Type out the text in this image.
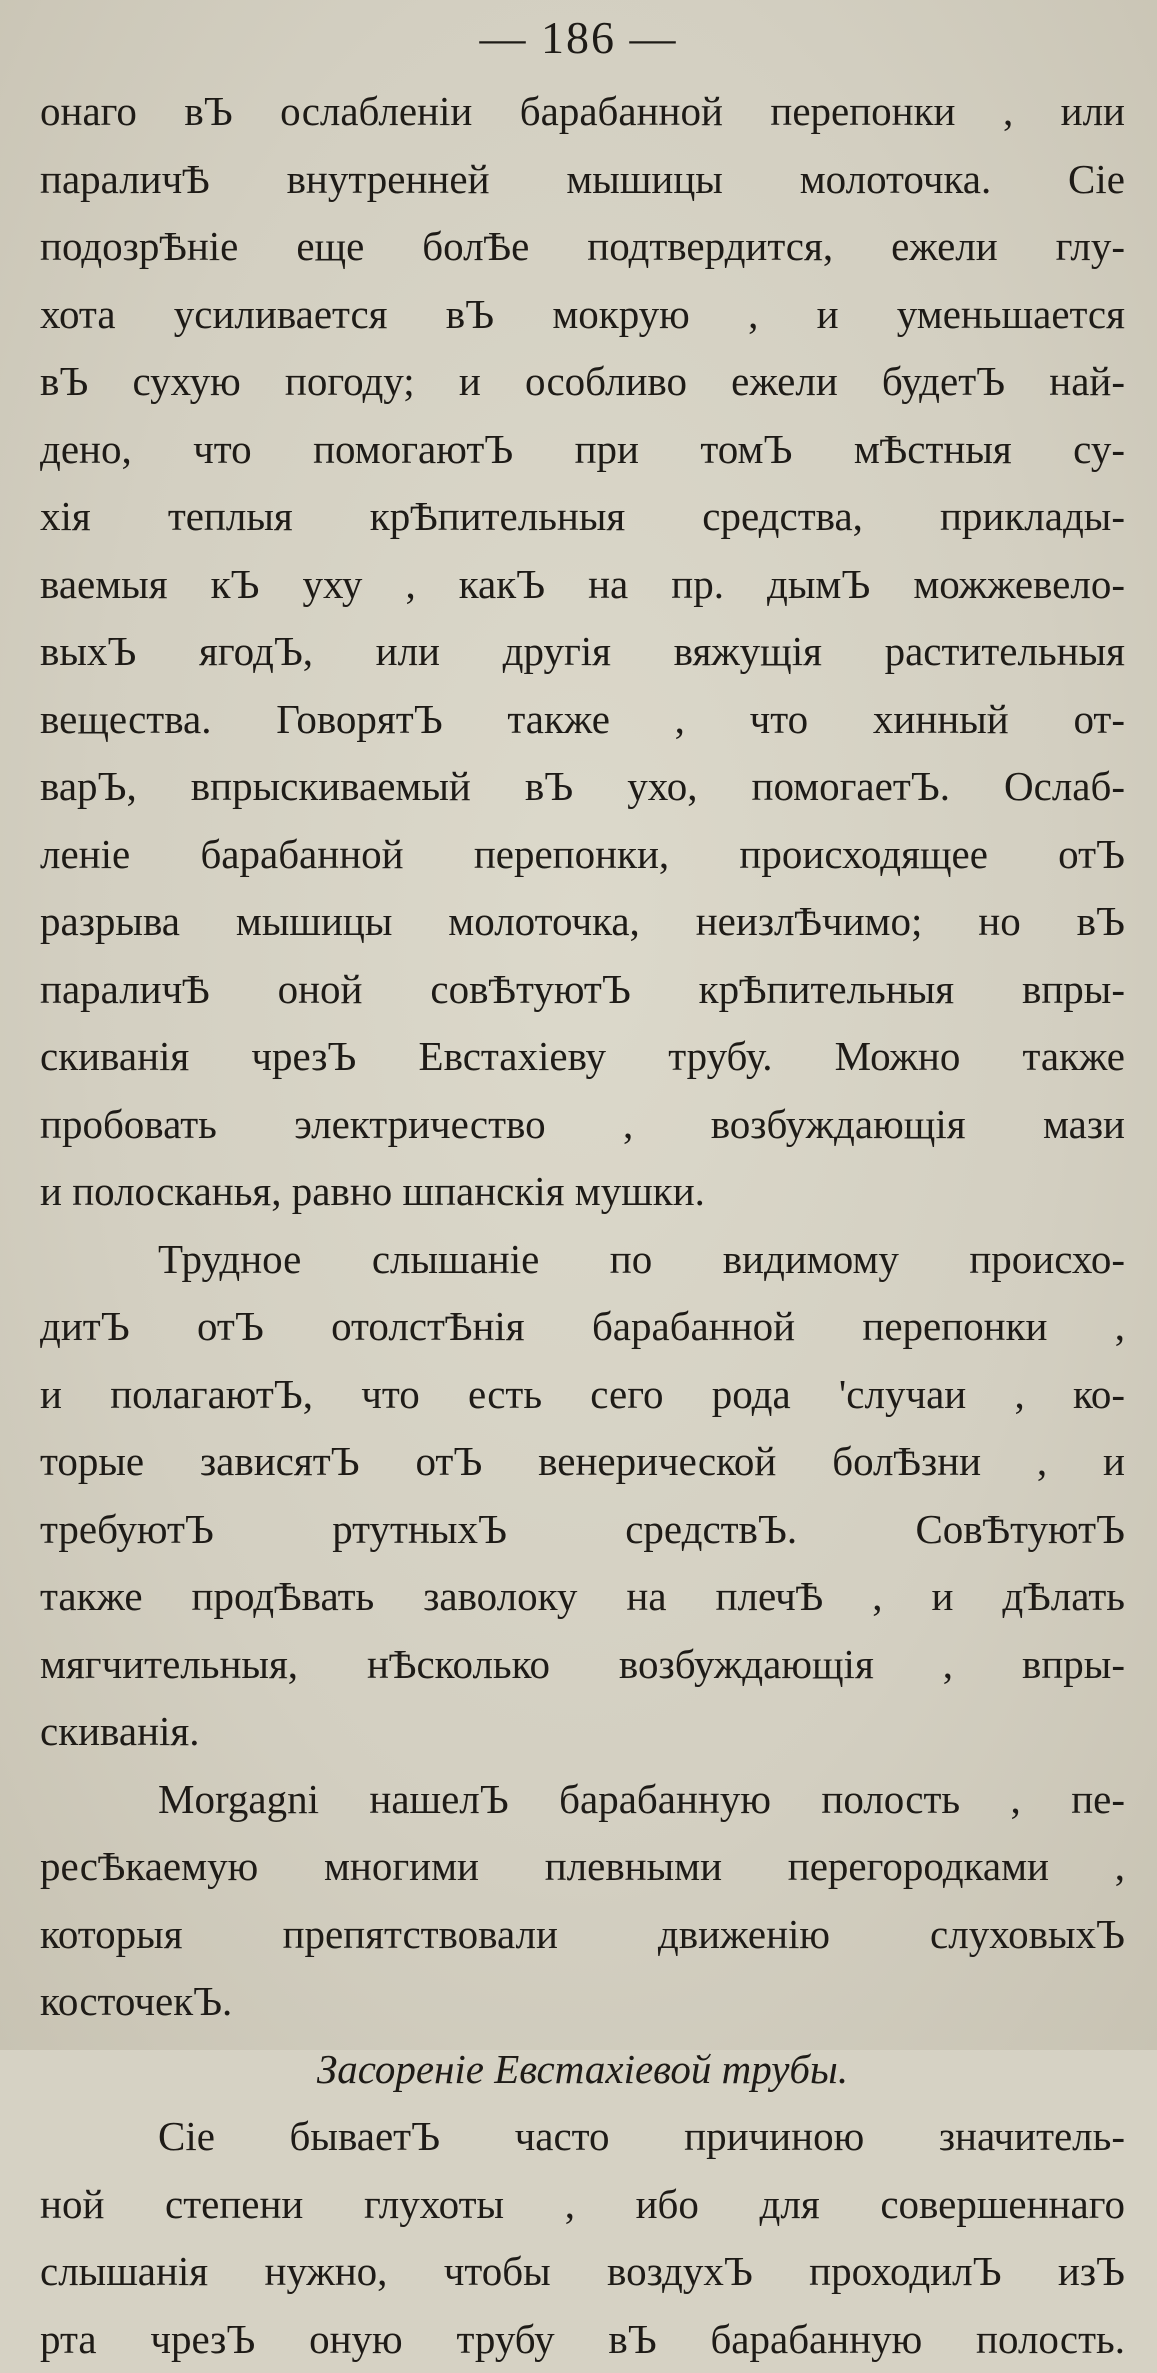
— 186 —
онаго вЪ ослабленіи барабанной перепонки , или
параличѢ внутренней мышицы молоточка. Сіе
подозрѢніе еще болѢе подтвердится, ежели глу-
хота усиливается вЪ мокрую , и уменьшается
вЪ сухую погоду; и особливо ежели будетЪ най-
дено, что помогаютЪ при томЪ мѢстныя су-
хія теплыя крѢпительныя средства, приклады-
ваемыя кЪ уху , какЪ на пр. дымЪ можжевело-
выхЪ ягодЪ, или другія вяжущія растительныя
вещества. ГоворятЪ также , что хинный от-
варЪ, впрыскиваемый вЪ ухо, помогаетЪ. Ослаб-
леніе барабанной перепонки, происходящее отЪ
разрыва мышицы молоточка, неизлѢчимо; но вЪ
параличѢ оной совѢтуютЪ крѢпительныя впры-
скиванія чрезЪ Евстахіеву трубу. Можно также
пробовать электричество , возбуждающія мази
и полосканья, равно шпанскія мушки.
Трудное слышаніе по видимому происхо-
дитЪ отЪ отолстѢнія барабанной перепонки ,
и полагаютЪ, что есть сего рода 'случаи , ко-
торые зависятЪ отЪ венерической болѢзни , и
требуютЪ ртутныхЪ средствЪ. СовѢтуютЪ
также продѢвать заволоку на плечѢ , и дѢлать
мягчительныя, нѢсколько возбуждающія , впры-
скиванія.
Morgagni нашелЪ барабанную полость , пе-
ресѢкаемую многими плевными перегородками ,
которыя препятствовали движенію слуховыхЪ
косточекЪ.
Засореніе Евстахіевой трубы.
Сіе бываетЪ часто причиною значитель-
ной степени глухоты , ибо для совершеннаго
слышанія нужно, чтобы воздухЪ проходилЪ изЪ
рта чрезЪ оную трубу вЪ барабанную полость.
